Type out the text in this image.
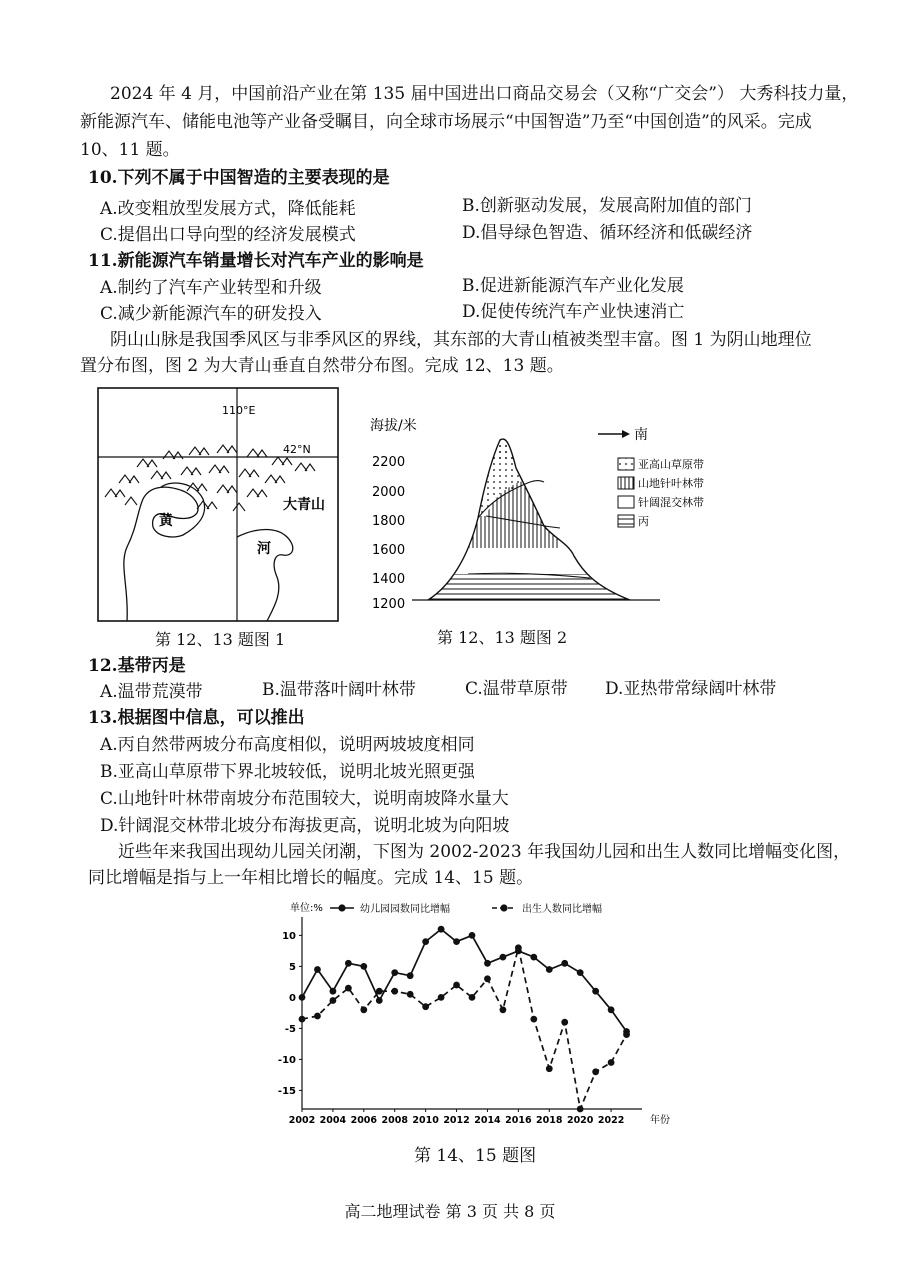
2024 年 4 月，中国前沿产业在第 135 届中国进出口商品交易会（又称“广交会”） 大秀科技力量，
新能源汽车、储能电池等产业备受瞩目，向全球市场展示“中国智造”乃至“中国创造”的风采。完成
10、11 题。
10.下列不属于中国智造的主要表现的是
A.改变粗放型发展方式，降低能耗	B.创新驱动发展，发展高附加值的部门
C.提倡出口导向型的经济发展模式	D.倡导绿色智造、循环经济和低碳经济
11.新能源汽车销量增长对汽车产业的影响是
A.制约了汽车产业转型和升级	B.促进新能源汽车产业化发展
C.减少新能源汽车的研发投入	D.促使传统汽车产业快速消亡
阴山山脉是我国季风区与非季风区的界线，其东部的大青山植被类型丰富。图 1 为阴山地理位
置分布图，图 2 为大青山垂直自然带分布图。完成 12、13 题。
110°E
42°N
大青山
黄
河
第 12、13 题图 1
海拔/米
2200
2000
1800
1600
1400
1200
南
亚高山草原带
山地针叶林带
针阔混交林带
丙
第 12、13 题图 2
12.基带丙是
A.温带荒漠带	B.温带落叶阔叶林带	C.温带草原带 D.亚热带常绿阔叶林带
13.根据图中信息，可以推出
A.丙自然带两坡分布高度相似，说明两坡坡度相同
B.亚高山草原带下界北坡较低，说明北坡光照更强
C.山地针叶林带南坡分布范围较大，说明南坡降水量大
D.针阔混交林带北坡分布海拔更高，说明北坡为向阳坡
近些年来我国出现幼儿园关闭潮，下图为 2002-2023 年我国幼儿园和出生人数同比增幅变化图，
同比增幅是指与上一年相比增长的幅度。完成 14、15 题。
单位:%	幼儿园园数同比增幅	出生人数同比增幅
年份
10
5
0
-5
-10
-15
2002 2004 2006 2008 2010 2012 2014 2016 2018 2020 2022
第 14、15 题图
高二地理试卷 第 3 页 共 8 页
